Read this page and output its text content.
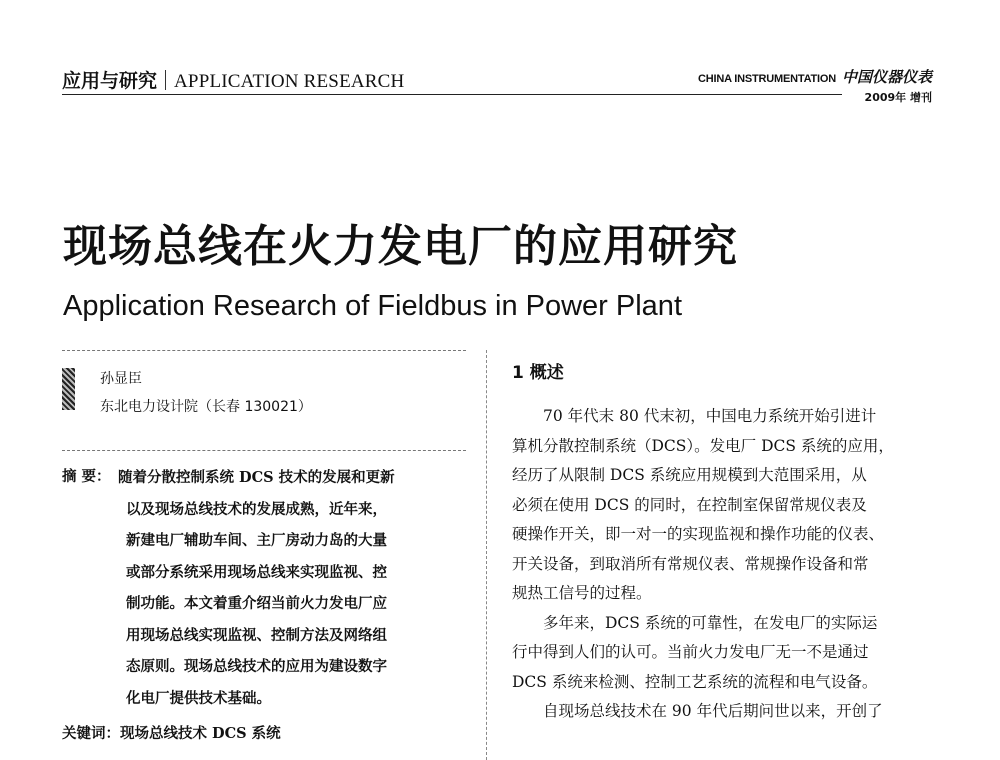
应用与研究 APPLICATION RESEARCH	CHINA INSTRUMENTATION 中国仪器仪表
2009年 增刊
现场总线在火力发电厂的应用研究
Application Research of Fieldbus in Power Plant
孙显臣
东北电力设计院（长春 130021）
摘 要： 随着分散控制系统 DCS 技术的发展和更新
以及现场总线技术的发展成熟，近年来，
新建电厂辅助车间、主厂房动力岛的大量
或部分系统采用现场总线来实现监视、控
制功能。本文着重介绍当前火力发电厂应
用现场总线实现监视、控制方法及网络组
态原则。现场总线技术的应用为建设数字
化电厂提供技术基础。
关键词：现场总线技术 DCS 系统
1 概述
70 年代末 80 代末初，中国电力系统开始引进计
算机分散控制系统（DCS）。发电厂 DCS 系统的应用，
经历了从限制 DCS 系统应用规模到大范围采用，从
必须在使用 DCS 的同时，在控制室保留常规仪表及
硬操作开关，即一对一的实现监视和操作功能的仪表、
开关设备，到取消所有常规仪表、常规操作设备和常
规热工信号的过程。
多年来，DCS 系统的可靠性，在发电厂的实际运
行中得到人们的认可。当前火力发电厂无一不是通过
DCS 系统来检测、控制工艺系统的流程和电气设备。
自现场总线技术在 90 年代后期问世以来，开创了
